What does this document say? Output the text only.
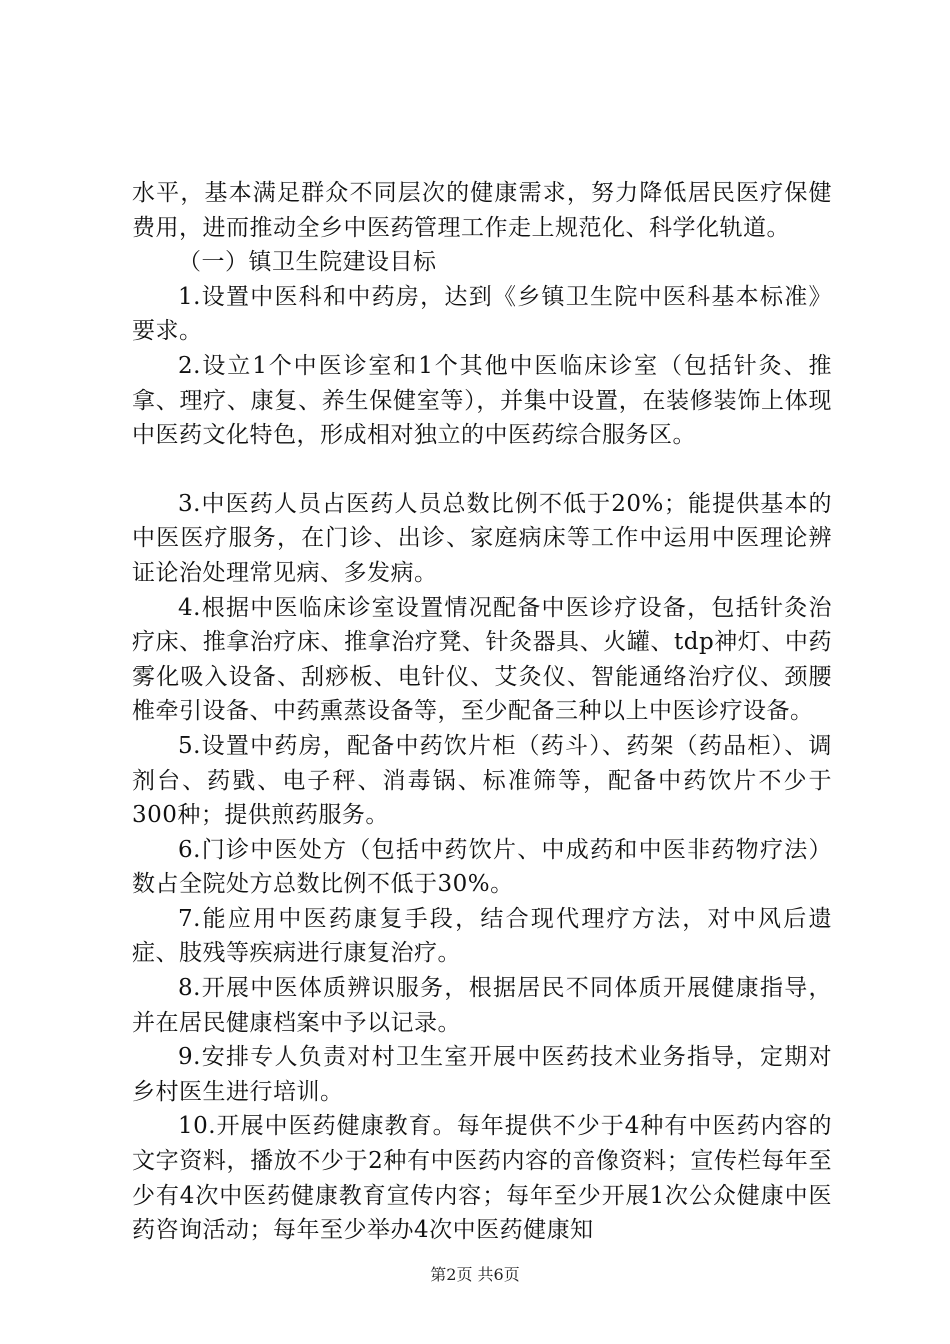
水平，基本满足群众不同层次的健康需求，努力降低居民医疗保健费用，进而推动全乡中医药管理工作走上规范化、科学化轨道。

（一）镇卫生院建设目标

1.设置中医科和中药房，达到《乡镇卫生院中医科基本标准》要求。

2.设立1个中医诊室和1个其他中医临床诊室（包括针灸、推拿、理疗、康复、养生保健室等），并集中设置，在装修装饰上体现中医药文化特色，形成相对独立的中医药综合服务区。

3.中医药人员占医药人员总数比例不低于20%；能提供基本的中医医疗服务，在门诊、出诊、家庭病床等工作中运用中医理论辨证论治处理常见病、多发病。

4.根据中医临床诊室设置情况配备中医诊疗设备，包括针灸治疗床、推拿治疗床、推拿治疗凳、针灸器具、火罐、tdp神灯、中药雾化吸入设备、刮痧板、电针仪、艾灸仪、智能通络治疗仪、颈腰椎牵引设备、中药熏蒸设备等，至少配备三种以上中医诊疗设备。

5.设置中药房，配备中药饮片柜（药斗）、药架（药品柜）、调剂台、药戥、电子秤、消毒锅、标准筛等，配备中药饮片不少于300种；提供煎药服务。

6.门诊中医处方（包括中药饮片、中成药和中医非药物疗法）数占全院处方总数比例不低于30%。

7.能应用中医药康复手段，结合现代理疗方法，对中风后遗症、肢残等疾病进行康复治疗。

8.开展中医体质辨识服务，根据居民不同体质开展健康指导，并在居民健康档案中予以记录。

9.安排专人负责对村卫生室开展中医药技术业务指导，定期对乡村医生进行培训。

10.开展中医药健康教育。每年提供不少于4种有中医药内容的文字资料，播放不少于2种有中医药内容的音像资料；宣传栏每年至少有4次中医药健康教育宣传内容；每年至少开展1次公众健康中医药咨询活动；每年至少举办4次中医药健康知

第2页 共6页
